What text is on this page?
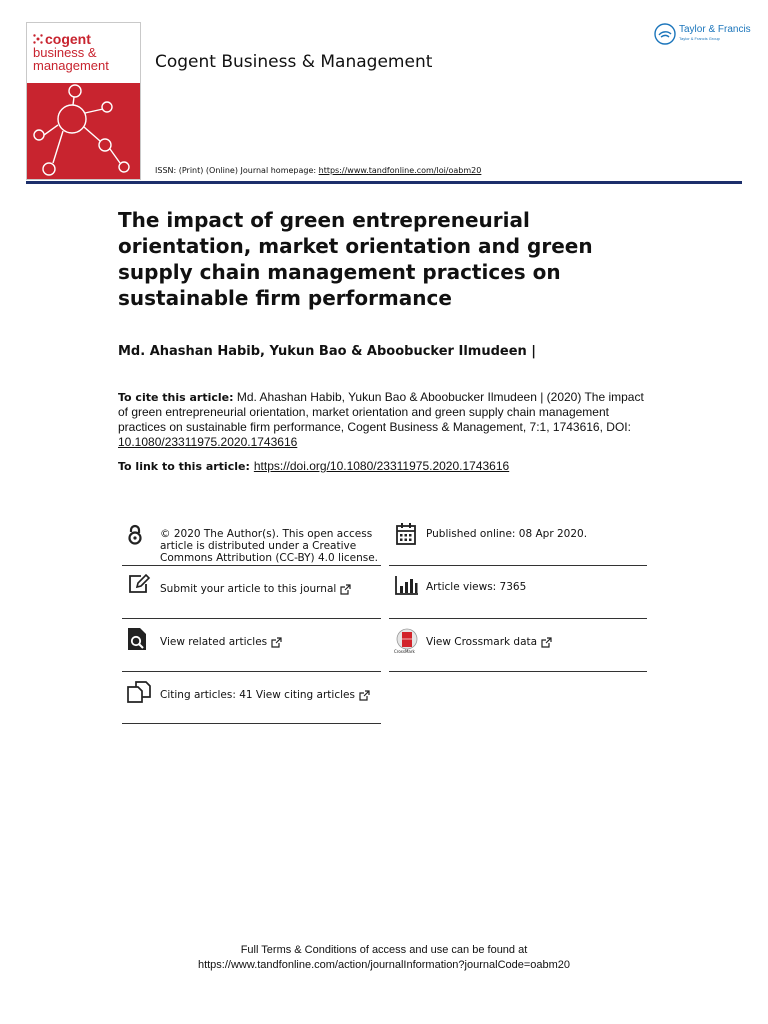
cogent
business &
management	Cogent Business & Management
Taylor & Francis
Taylor & Francis Group
ISSN: (Print) (Online) Journal homepage: https://www.tandfonline.com/loi/oabm20
The impact of green entrepreneurial orientation, market orientation and green supply chain management practices on sustainable firm performance
Md. Ahashan Habib, Yukun Bao & Aboobucker Ilmudeen |
To cite this article: Md. Ahashan Habib, Yukun Bao & Aboobucker Ilmudeen | (2020) The impact of green entrepreneurial orientation, market orientation and green supply chain management practices on sustainable firm performance, Cogent Business & Management, 7:1, 1743616, DOI: 10.1080/23311975.2020.1743616
To link to this article: https://doi.org/10.1080/23311975.2020.1743616
© 2020 The Author(s). This open access
article is distributed under a Creative
Commons Attribution (CC-BY) 4.0 license.
Published online: 08 Apr 2020.
Submit your article to this journal	Article views: 7365
View related articles
CrossMark
View Crossmark data
Citing articles: 41 View citing articles
Full Terms & Conditions of access and use can be found at
https://www.tandfonline.com/action/journalInformation?journalCode=oabm20
